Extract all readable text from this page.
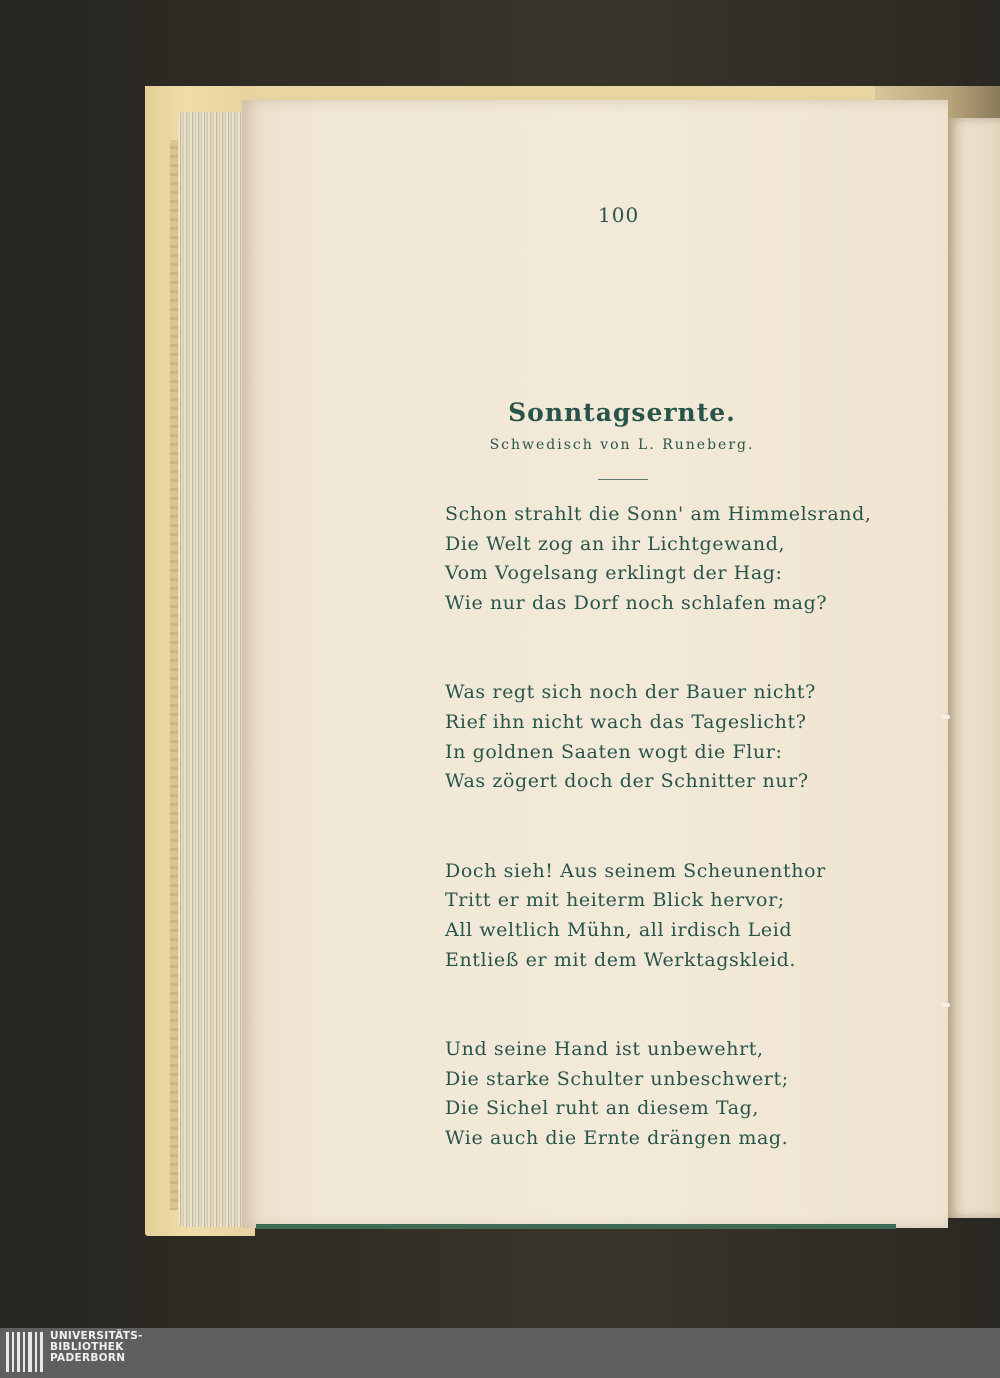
100
Sonntagsernte.
Schwedisch von L. Runeberg.
Schon strahlt die Sonn' am Himmelsrand,
Die Welt zog an ihr Lichtgewand,
Vom Vogelsang erklingt der Hag:
Wie nur das Dorf noch schlafen mag?
Was regt sich noch der Bauer nicht?
Rief ihn nicht wach das Tageslicht?
In goldnen Saaten wogt die Flur:
Was zögert doch der Schnitter nur?
Doch sieh! Aus seinem Scheunenthor
Tritt er mit heiterm Blick hervor;
All weltlich Mühn, all irdisch Leid
Entließ er mit dem Werktagskleid.
Und seine Hand ist unbewehrt,
Die starke Schulter unbeschwert;
Die Sichel ruht an diesem Tag,
Wie auch die Ernte drängen mag.
UNIVERSITÄTS-
BIBLIOTHEK
PADERBORN
